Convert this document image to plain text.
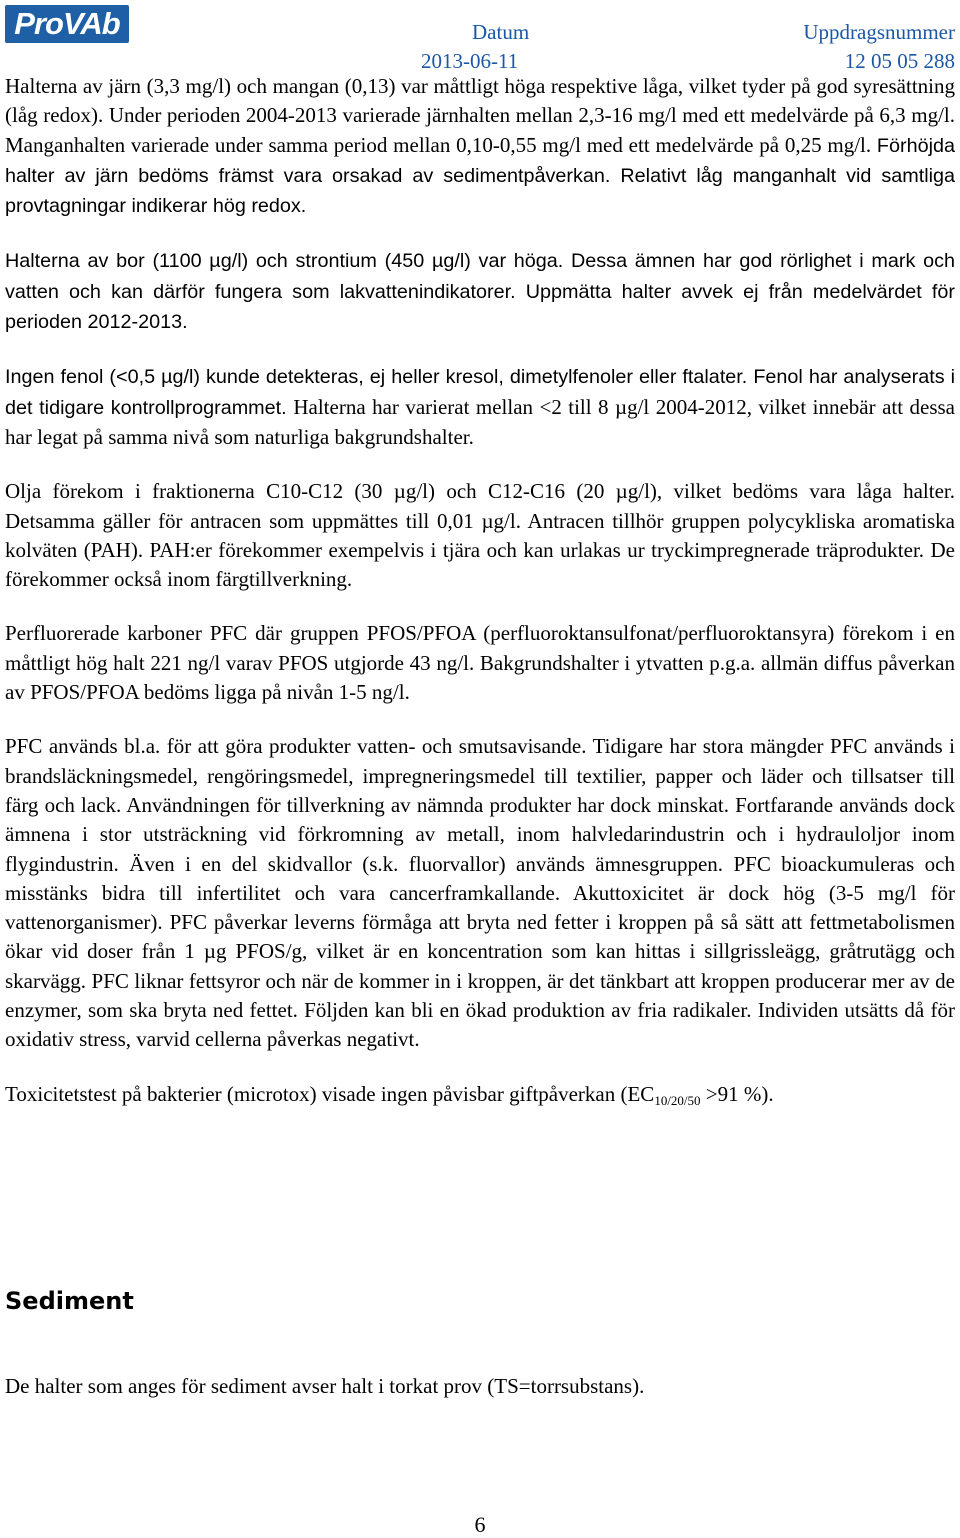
ProVAb	Datum
2013-06-11
Uppdragsnummer
12 05 05 288

Halterna av järn (3,3 mg/l) och mangan (0,13) var måttligt höga respektive låga, vilket tyder på god syresättning (låg redox). Under perioden 2004-2013 varierade järnhalten mellan 2,3-16 mg/l med ett medelvärde på 6,3 mg/l. Manganhalten varierade under samma period mellan 0,10-0,55 mg/l med ett medelvärde på 0,25 mg/l. Förhöjda halter av järn bedöms främst vara orsakad av sedimentpåverkan. Relativt låg manganhalt vid samtliga provtagningar indikerar hög redox.

Halterna av bor (1100 µg/l) och strontium (450 µg/l) var höga. Dessa ämnen har god rörlighet i mark och vatten och kan därför fungera som lakvattenindikatorer. Uppmätta halter avvek ej från medelvärdet för perioden 2012-2013.

Ingen fenol (<0,5 µg/l) kunde detekteras, ej heller kresol, dimetylfenoler eller ftalater. Fenol har analyserats i det tidigare kontrollprogrammet. Halterna har varierat mellan <2 till 8 µg/l 2004-2012, vilket innebär att dessa har legat på samma nivå som naturliga bakgrundshalter.

Olja förekom i fraktionerna C10-C12 (30 µg/l) och C12-C16 (20 µg/l), vilket bedöms vara låga halter. Detsamma gäller för antracen som uppmättes till 0,01 µg/l. Antracen tillhör gruppen polycykliska aromatiska kolväten (PAH). PAH:er förekommer exempelvis i tjära och kan urlakas ur tryckimpregnerade träprodukter. De förekommer också inom färgtillverkning.

Perfluorerade karboner PFC där gruppen PFOS/PFOA (perfluoroktansulfonat/perfluoroktansyra) förekom i en måttligt hög halt 221 ng/l varav PFOS utgjorde 43 ng/l. Bakgrundshalter i ytvatten p.g.a. allmän diffus påverkan av PFOS/PFOA bedöms ligga på nivån 1-5 ng/l.

PFC används bl.a. för att göra produkter vatten- och smutsavisande. Tidigare har stora mängder PFC används i brandsläckningsmedel, rengöringsmedel, impregneringsmedel till textilier, papper och läder och tillsatser till färg och lack. Användningen för tillverkning av nämnda produkter har dock minskat. Fortfarande används dock ämnena i stor utsträckning vid förkromning av metall, inom halvledarindustrin och i hydrauloljor inom flygindustrin. Även i en del skidvallor (s.k. fluorvallor) används ämnesgruppen. PFC bioackumuleras och misstänks bidra till infertilitet och vara cancerframkallande. Akuttoxicitet är dock hög (3-5 mg/l för vattenorganismer). PFC påverkar leverns förmåga att bryta ned fetter i kroppen på så sätt att fettmetabolismen ökar vid doser från 1 µg PFOS/g, vilket är en koncentration som kan hittas i sillgrissleägg, gråtrutägg och skarvägg. PFC liknar fettsyror och när de kommer in i kroppen, är det tänkbart att kroppen producerar mer av de enzymer, som ska bryta ned fettet. Följden kan bli en ökad produktion av fria radikaler. Individen utsätts då för oxidativ stress, varvid cellerna påverkas negativt.

Toxicitetstest på bakterier (microtox) visade ingen påvisbar giftpåverkan ($EC_{10/20/50} >91$ %).

Sediment

De halter som anges för sediment avser halt i torkat prov (TS=torrsubstans).

6
